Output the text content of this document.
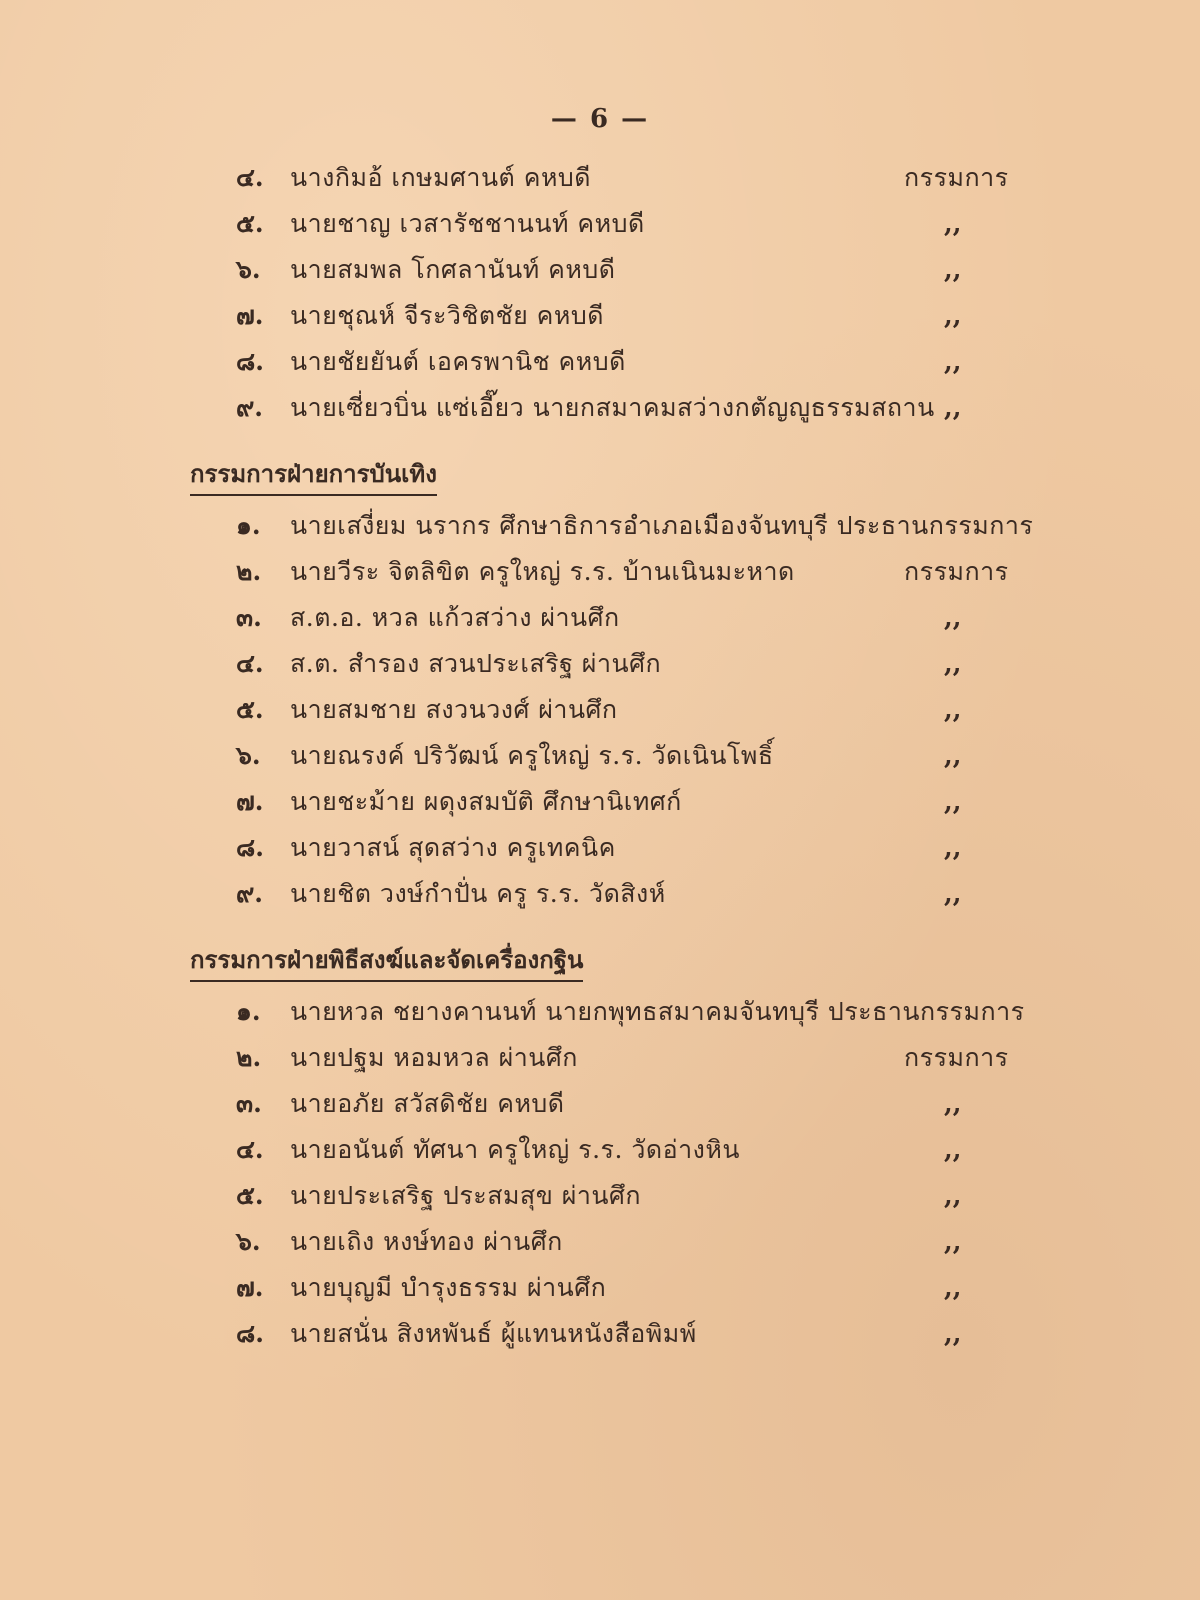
— 6 —
๔.	นางกิมอ้ เกษมศานต์ คหบดี	กรรมการ
๕.	นายชาญ เวสารัชชานนท์ คหบดี	,,
๖.	นายสมพล โกศลานันท์ คหบดี	,,
๗.	นายชุณห์ จีระวิชิตชัย คหบดี	,,
๘.	นายชัยยันต์ เอครพานิช คหบดี	,,
๙.	นายเซี่ยวบิ่น แซ่เอี๊ยว นายกสมาคมสว่างกตัญญูธรรมสถาน ,,
กรรมการฝ่ายการบันเทิง
๑.	นายเสงี่ยม นรากร ศึกษาธิการอำเภอเมืองจันทบุรี ประธานกรรมการ
๒.	นายวีระ จิตลิขิต ครูใหญ่ ร.ร. บ้านเนินมะหาด	กรรมการ
๓.	ส.ต.อ. หวล แก้วสว่าง ผ่านศึก	,,
๔.	ส.ต. สำรอง สวนประเสริฐ ผ่านศึก	,,
๕.	นายสมชาย สงวนวงศ์ ผ่านศึก	,,
๖.	นายณรงค์ ปริวัฒน์ ครูใหญ่ ร.ร. วัดเนินโพธิ์	,,
๗.	นายชะม้าย ผดุงสมบัติ ศึกษานิเทศก์	,,
๘.	นายวาสน์ สุดสว่าง ครูเทคนิค	,,
๙.	นายชิต วงษ์กำปั่น ครู ร.ร. วัดสิงห์	,,
กรรมการฝ่ายพิธีสงฆ์และจัดเครื่องกฐิน
๑.	นายหวล ชยางคานนท์ นายกพุทธสมาคมจันทบุรี ประธานกรรมการ
๒.	นายปฐม หอมหวล ผ่านศึก	กรรมการ
๓.	นายอภัย สวัสดิชัย คหบดี	,,
๔.	นายอนันต์ ทัศนา ครูใหญ่ ร.ร. วัดอ่างหิน	,,
๕.	นายประเสริฐ ประสมสุข ผ่านศึก	,,
๖.	นายเถิง หงษ์ทอง ผ่านศึก	,,
๗.	นายบุญมี บำรุงธรรม ผ่านศึก	,,
๘.	นายสนั่น สิงหพันธ์ ผู้แทนหนังสือพิมพ์	,,
